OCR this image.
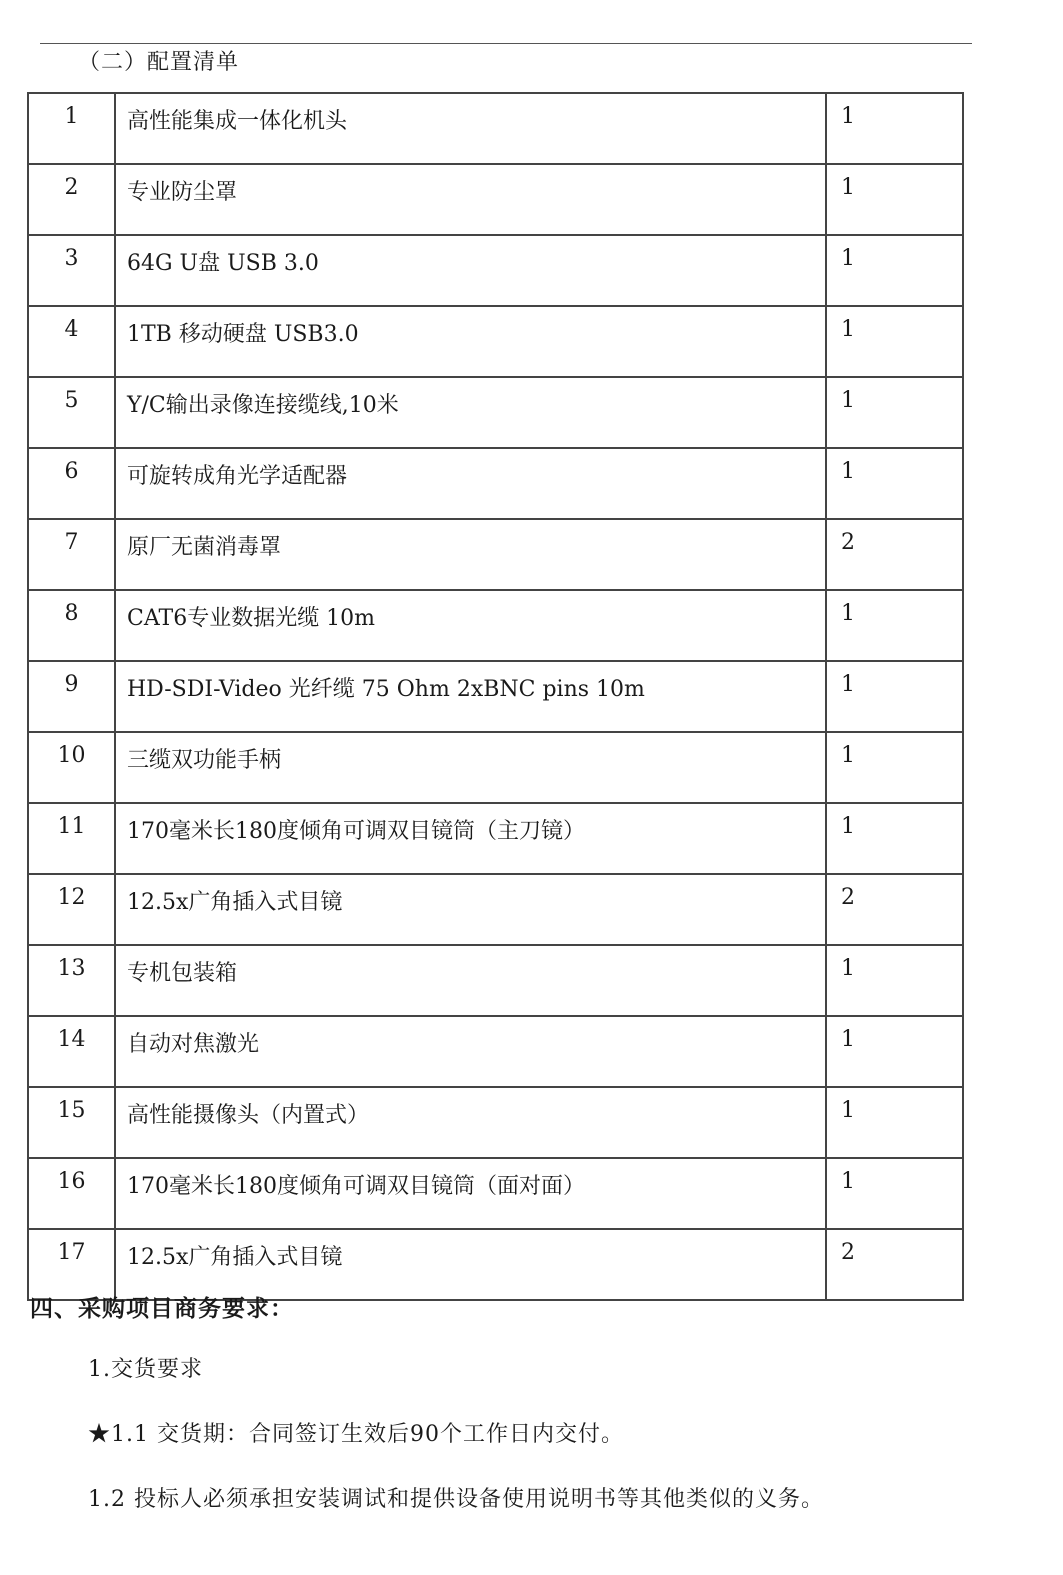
（二）配置清单
1	高性能集成一体化机头	1
2	专业防尘罩	1
3	64G U盘 USB 3.0	1
4	1TB 移动硬盘 USB3.0	1
5	Y/C输出录像连接缆线,10米	1
6	可旋转成角光学适配器	1
7	原厂无菌消毒罩	2
8	CAT6专业数据光缆 10m	1
9	HD-SDI-Video 光纤缆 75 Ohm 2xBNC pins 10m	1
10	三缆双功能手柄	1
11	170毫米长180度倾角可调双目镜筒（主刀镜）	1
12	12.5x广角插入式目镜	2
13	专机包装箱	1
14	自动对焦激光	1
15	高性能摄像头（内置式）	1
16	170毫米长180度倾角可调双目镜筒（面对面）	1
17	12.5x广角插入式目镜	2
四、采购项目商务要求：
1.交货要求
★1.1 交货期：合同签订生效后90个工作日内交付。
1.2 投标人必须承担安装调试和提供设备使用说明书等其他类似的义务。
